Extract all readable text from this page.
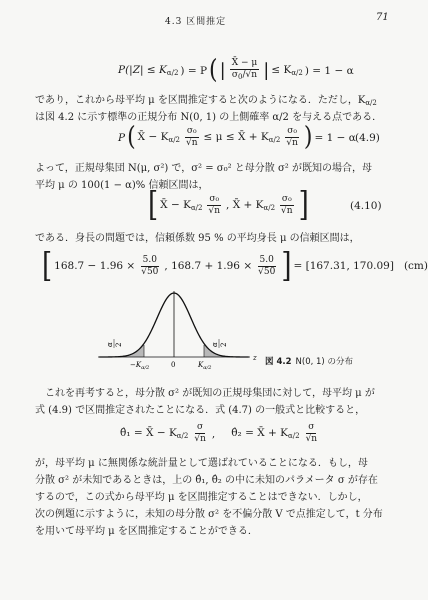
4.3 区間推定	71
$P(|Z| \le K_{\alpha/2}$ ) = P ( | $\frac{X̄ - \mu}{\sigma_0/√n}$ | ≤ $K_{\alpha/2}$ ) = 1 − α
であり，これから母平均 μ を区間推定すると次のようになる．ただし，$K_{\alpha/2}$
は図 4.2 に示す標準の正規分布 N(0, 1) の上側確率 α/2 を与える点である．
P ( X̄ − $K_{\alpha/2} \frac{\text{σ₀}}{√n} \le \mu$ ≤ X̄ + $K_{\alpha/2} \frac{\text{σ₀}}{√n}$ ) = 1 − α (4.9)
よって，正規母集団 N(μ, σ²) で，σ² = σ₀² と母分散 σ² が既知の場合，母
平均 μ の 100(1 − α)% 信頼区間は，
[ X̄ − $K_{\alpha/2} \frac{\text{σ₀}}{√n}$ , X̄ + $K_{\alpha/2} \frac{\text{σ₀}}{√n}$ ]	(4.10)
である．身長の問題では，信頼係数 95 % の平均身長 μ の信頼区間は，
[ $168.7 - 1.96 \times \frac{5.0}{√50}$ , $168.7 + 1.96 \times \frac{5.0}{√50}$ ] = [167.31, 170.09] (cm)
α 2	α 2
$-K_{\alpha/2}$	0	$K_{\alpha/2}$
z 図 4.2 N(0, 1) の分布
これを再考すると，母分散 σ² が既知の正規母集団に対して，母平均 μ が
式 (4.9) で区間推定されたことになる．式 (4.7) の一般式と比較すると，
θ̂₁ = X̄ − $K_{\alpha/2} \frac{\sigma}{√n}$ , θ̂₂ = X̄ + $K_{\alpha/2} \frac{\sigma}{√n}$
が，母平均 μ に無関係な統計量として選ばれていることになる．もし，母
分散 σ² が未知であるときは，上の θ̂₁, θ̂₂ の中に未知のパラメータ σ が存在
するので，この式から母平均 μ を区間推定することはできない．しかし，
次の例題に示すように，未知の母分散 σ² を不偏分散 V で点推定して，t 分布
を用いて母平均 μ を区間推定することができる．
